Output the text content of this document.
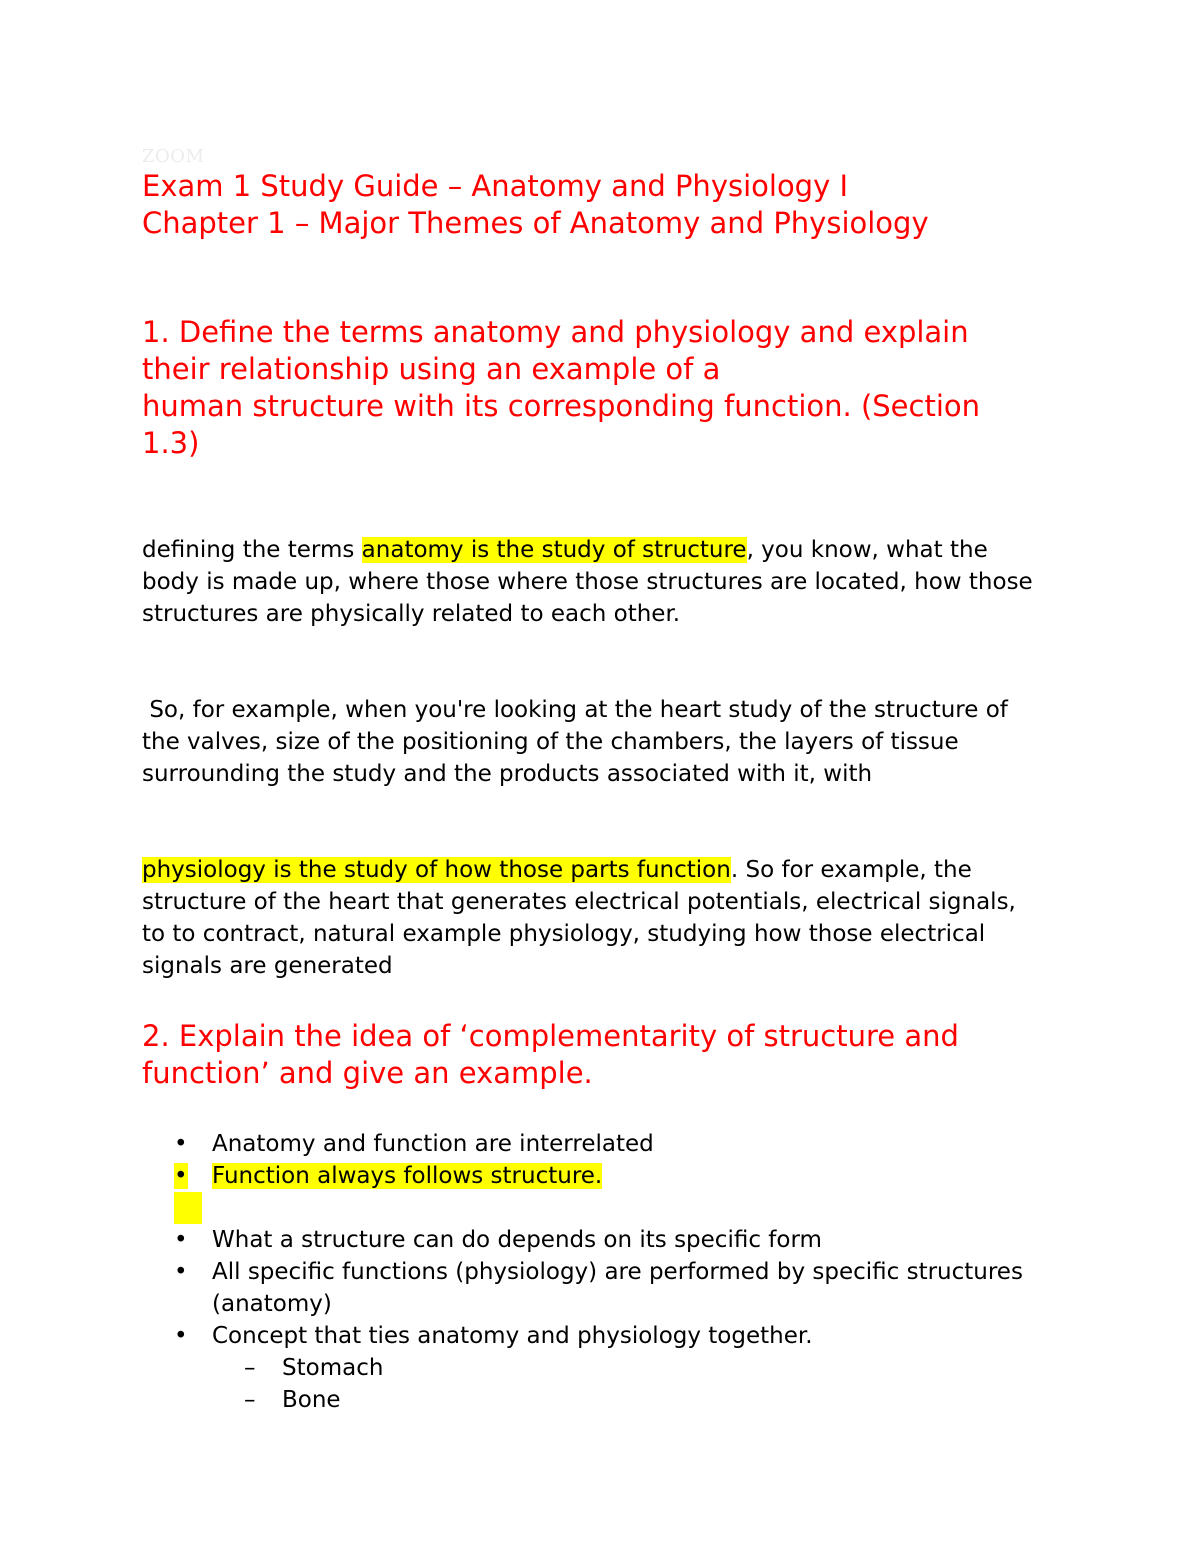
ZOOM
Exam 1 Study Guide – Anatomy and Physiology I
Chapter 1 – Major Themes of Anatomy and Physiology
1. Define the terms anatomy and physiology and explain
their relationship using an example of a
human structure with its corresponding function. (Section
1.3)
defining the terms anatomy is the study of structure, you know, what the body is made up, where those where those structures are located, how those structures are physically related to each other.
So, for example, when you're looking at the heart study of the structure of the valves, size of the positioning of the chambers, the layers of tissue surrounding the study and the products associated with it, with
physiology is the study of how those parts function. So for example, the structure of the heart that generates electrical potentials, electrical signals, to to contract, natural example physiology, studying how those electrical signals are generated
2. Explain the idea of ‘complementarity of structure and
function’ and give an example.
•	Anatomy and function are interrelated
•	Function always follows structure.
•	What a structure can do depends on its specific form
•	All specific functions (physiology) are performed by specific structures (anatomy)
•	Concept that ties anatomy and physiology together.
–	Stomach
–	Bone
